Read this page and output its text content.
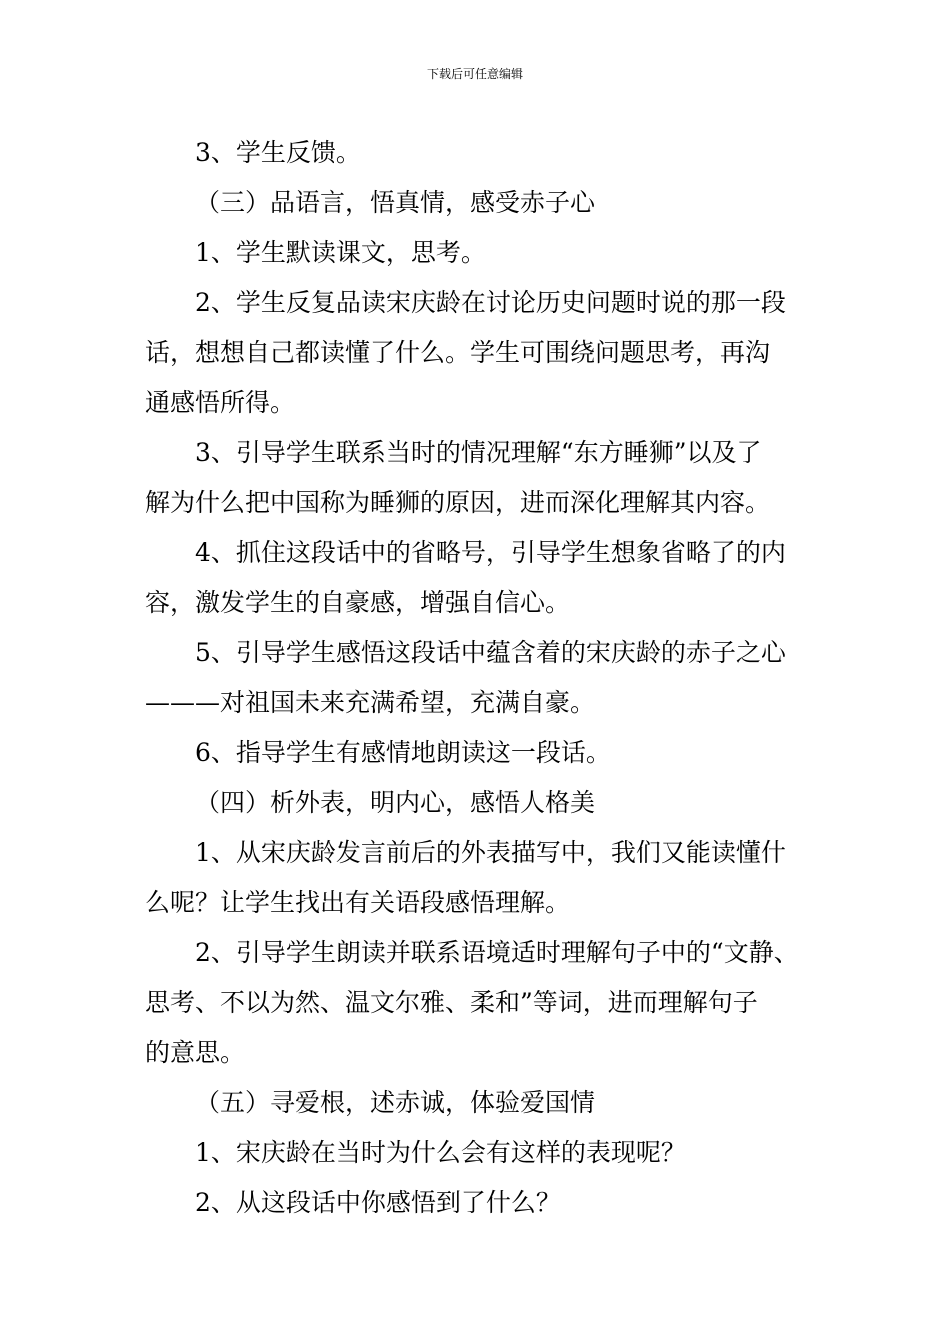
下载后可任意编辑
3、学生反馈。
（三）品语言，悟真情，感受赤子心
1、学生默读课文，思考。
2、学生反复品读宋庆龄在讨论历史问题时说的那一段
话，想想自己都读懂了什么。学生可围绕问题思考，再沟
通感悟所得。
3、引导学生联系当时的情况理解“东方睡狮”以及了
解为什么把中国称为睡狮的原因，进而深化理解其内容。
4、抓住这段话中的省略号，引导学生想象省略了的内
容，激发学生的自豪感，增强自信心。
5、引导学生感悟这段话中蕴含着的宋庆龄的赤子之心
———对祖国未来充满希望，充满自豪。
6、指导学生有感情地朗读这一段话。
（四）析外表，明内心，感悟人格美
1、从宋庆龄发言前后的外表描写中，我们又能读懂什
么呢？让学生找出有关语段感悟理解。
2、引导学生朗读并联系语境适时理解句子中的“文静、
思考、不以为然、温文尔雅、柔和”等词，进而理解句子
的意思。
（五）寻爱根，述赤诚，体验爱国情
1、宋庆龄在当时为什么会有这样的表现呢？
2、从这段话中你感悟到了什么？
